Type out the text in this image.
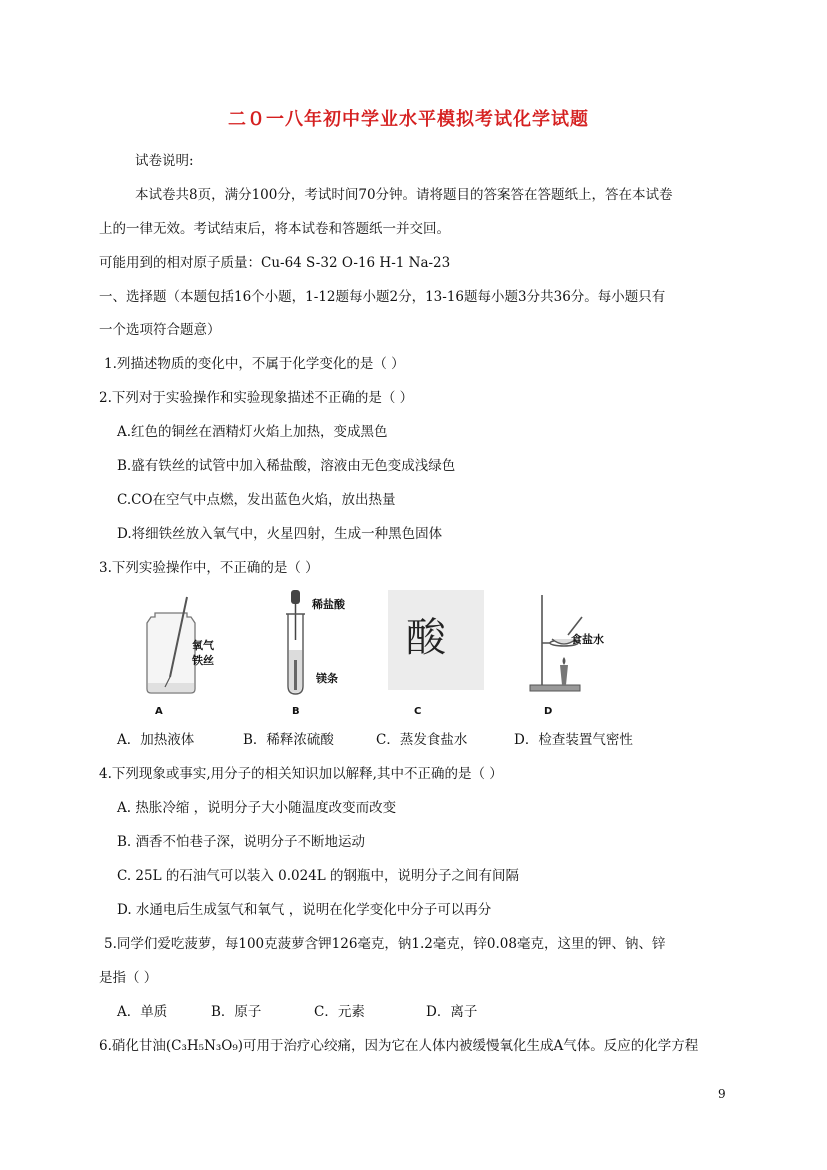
二０一八年初中学业水平模拟考试化学试题
试卷说明:
本试卷共8页，满分100分，考试时间70分钟。请将题目的答案答在答题纸上，答在本试卷
上的一律无效。考试结束后，将本试卷和答题纸一并交回。
可能用到的相对原子质量：Cu-64 S-32 O-16 H-1 Na-23
一、选择题（本题包括16个小题，1-12题每小题2分，13-16题每小题3分共36分。每小题只有
一个选项符合题意）
1.列描述物质的变化中，不属于化学变化的是（ ）
2.下列对于实验操作和实验现象描述不正确的是（ ）
A.红色的铜丝在酒精灯火焰上加热，变成黑色
B.盛有铁丝的试管中加入稀盐酸，溶液由无色变成浅绿色
C.CO在空气中点燃，发出蓝色火焰，放出热量
D.将细铁丝放入氧气中，火星四射，生成一种黑色固体
3.下列实验操作中，不正确的是（ ）
氧气
铁丝
A
稀盐酸
镁条
B
酸
C
食盐水
D
A．加热液体	B．稀释浓硫酸	C．蒸发食盐水	D．检查装置气密性
4.下列现象或事实,用分子的相关知识加以解释,其中不正确的是（ ）
A. 热胀冷缩 ，说明分子大小随温度改变而改变
B. 酒香不怕巷子深，说明分子不断地运动
C. 25L 的石油气可以装入 0.024L 的钢瓶中，说明分子之间有间隔
D. 水通电后生成氢气和氧气 ，说明在化学变化中分子可以再分
5.同学们爱吃菠萝，每100克菠萝含钾126毫克，钠1.2毫克，锌0.08毫克，这里的钾、钠、锌
是指（ ）
A．单质	B．原子	C．元素	D．离子
6.硝化甘油(C₃H₅N₃O₉)可用于治疗心绞痛，因为它在人体内被缓慢氧化生成A气体。反应的化学方程
9
